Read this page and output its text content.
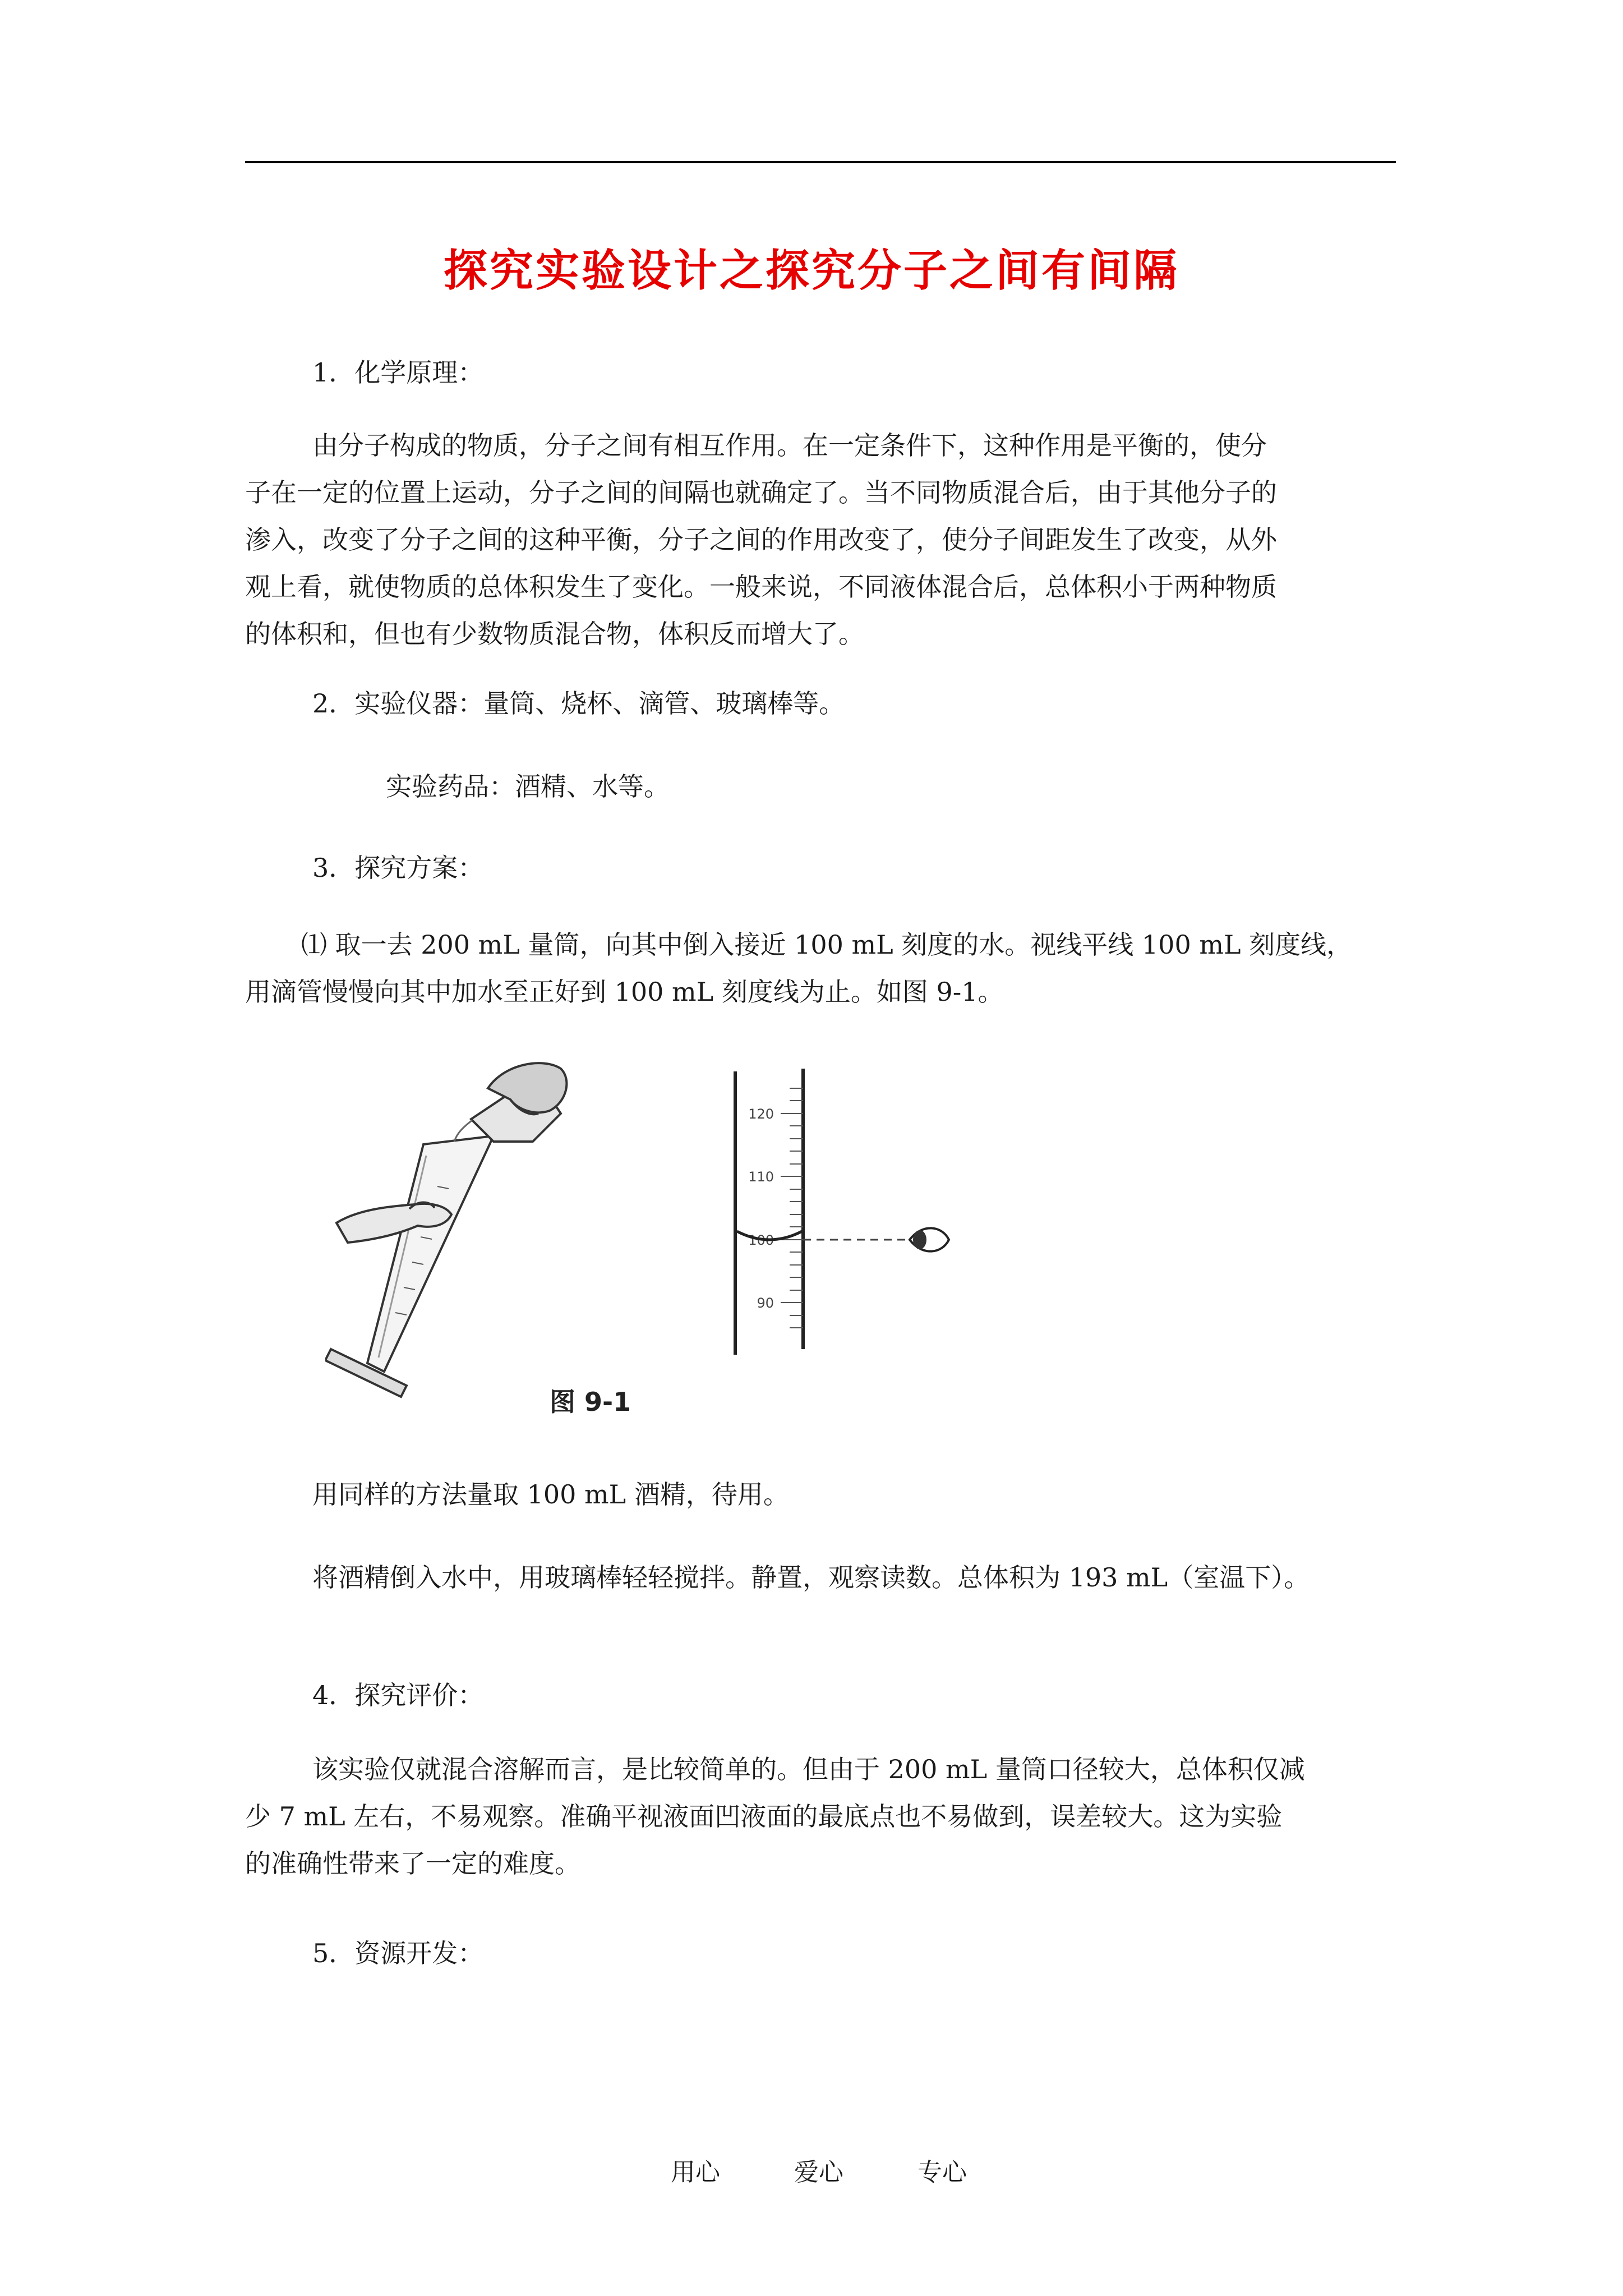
探究实验设计之探究分子之间有间隔

1．化学原理：

由分子构成的物质，分子之间有相互作用。在一定条件下，这种作用是平衡的，使分
子在一定的位置上运动，分子之间的间隔也就确定了。当不同物质混合后，由于其他分子的
渗入，改变了分子之间的这种平衡，分子之间的作用改变了，使分子间距发生了改变，从外
观上看，就使物质的总体积发生了变化。一般来说，不同液体混合后，总体积小于两种物质
的体积和，但也有少数物质混合物，体积反而增大了。

2．实验仪器：量筒、烧杯、滴管、玻璃棒等。

实验药品：酒精、水等。

3．探究方案：

⑴ 取一去 200 mL 量筒，向其中倒入接近 100 mL 刻度的水。视线平线 100 mL 刻度线，
用滴管慢慢向其中加水至正好到 100 mL 刻度线为止。如图 9-1。
120
110
100
90
图 9-1

用同样的方法量取 100 mL 酒精，待用。

将酒精倒入水中，用玻璃棒轻轻搅拌。静置，观察读数。总体积为 193 mL（室温下）。

4．探究评价：

该实验仅就混合溶解而言，是比较简单的。但由于 200 mL 量筒口径较大，总体积仅减
少 7 mL 左右，不易观察。准确平视液面凹液面的最底点也不易做到，误差较大。这为实验
的准确性带来了一定的难度。

5．资源开发：

用心	爱心	专心
